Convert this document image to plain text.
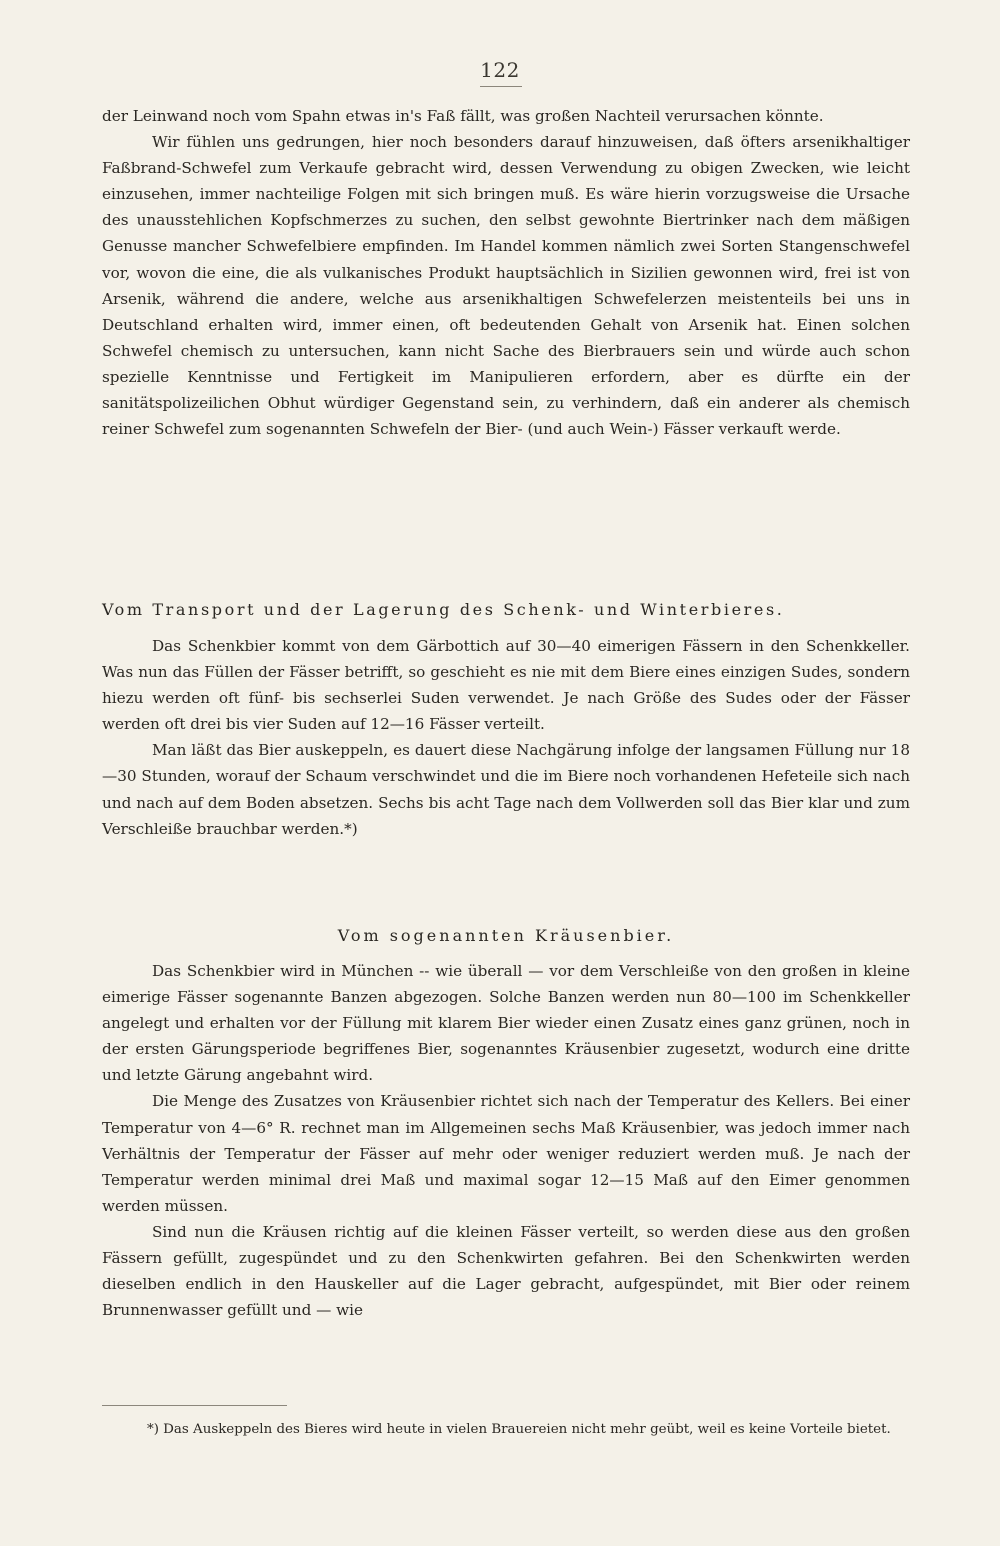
122

der Leinwand noch vom Spahn etwas in's Faß fällt, was großen Nachteil verursachen könnte.

Wir fühlen uns gedrungen, hier noch besonders darauf hinzuweisen, daß öfters arsenikhaltiger Faßbrand-Schwefel zum Verkaufe gebracht wird, dessen Verwendung zu obigen Zwecken, wie leicht einzusehen, immer nachteilige Folgen mit sich bringen muß. Es wäre hierin vorzugsweise die Ursache des unausstehlichen Kopfschmerzes zu suchen, den selbst gewohnte Biertrinker nach dem mäßigen Genusse mancher Schwefelbiere empfinden. Im Handel kommen nämlich zwei Sorten Stangenschwefel vor, wovon die eine, die als vulkanisches Produkt hauptsächlich in Sizilien gewonnen wird, frei ist von Arsenik, während die andere, welche aus arsenikhaltigen Schwefelerzen meistenteils bei uns in Deutschland erhalten wird, immer einen, oft bedeutenden Gehalt von Arsenik hat. Einen solchen Schwefel chemisch zu untersuchen, kann nicht Sache des Bierbrauers sein und würde auch schon spezielle Kenntnisse und Fertigkeit im Manipulieren erfordern, aber es dürfte ein der sanitätspolizeilichen Obhut würdiger Gegenstand sein, zu verhindern, daß ein anderer als chemisch reiner Schwefel zum sogenannten Schwefeln der Bier- (und auch Wein-) Fässer verkauft werde.

Vom Transport und der Lagerung des Schenk- und Winterbieres.

Das Schenkbier kommt von dem Gärbottich auf 30—40 eimerigen Fässern in den Schenkkeller. Was nun das Füllen der Fässer betrifft, so geschieht es nie mit dem Biere eines einzigen Sudes, sondern hiezu werden oft fünf- bis sechserlei Suden verwendet. Je nach Größe des Sudes oder der Fässer werden oft drei bis vier Suden auf 12—16 Fässer verteilt.

Man läßt das Bier auskeppeln, es dauert diese Nachgärung infolge der langsamen Füllung nur 18—30 Stunden, worauf der Schaum verschwindet und die im Biere noch vorhandenen Hefeteile sich nach und nach auf dem Boden absetzen. Sechs bis acht Tage nach dem Vollwerden soll das Bier klar und zum Verschleiße brauchbar werden.*)

Vom sogenannten Kräusenbier.

Das Schenkbier wird in München -- wie überall — vor dem Verschleiße von den großen in kleine eimerige Fässer sogenannte Banzen abgezogen. Solche Banzen werden nun 80—100 im Schenkkeller angelegt und erhalten vor der Füllung mit klarem Bier wieder einen Zusatz eines ganz grünen, noch in der ersten Gärungsperiode begriffenes Bier, sogenanntes Kräusenbier zugesetzt, wodurch eine dritte und letzte Gärung angebahnt wird.

Die Menge des Zusatzes von Kräusenbier richtet sich nach der Temperatur des Kellers. Bei einer Temperatur von 4—6° R. rechnet man im Allgemeinen sechs Maß Kräusenbier, was jedoch immer nach Verhältnis der Temperatur der Fässer auf mehr oder weniger reduziert werden muß. Je nach der Temperatur werden minimal drei Maß und maximal sogar 12—15 Maß auf den Eimer genommen werden müssen.

Sind nun die Kräusen richtig auf die kleinen Fässer verteilt, so werden diese aus den großen Fässern gefüllt, zugespündet und zu den Schenkwirten gefahren. Bei den Schenkwirten werden dieselben endlich in den Hauskeller auf die Lager gebracht, aufgespündet, mit Bier oder reinem Brunnenwasser gefüllt und — wie

*) Das Auskeppeln des Bieres wird heute in vielen Brauereien nicht mehr geübt, weil es keine Vorteile bietet.
